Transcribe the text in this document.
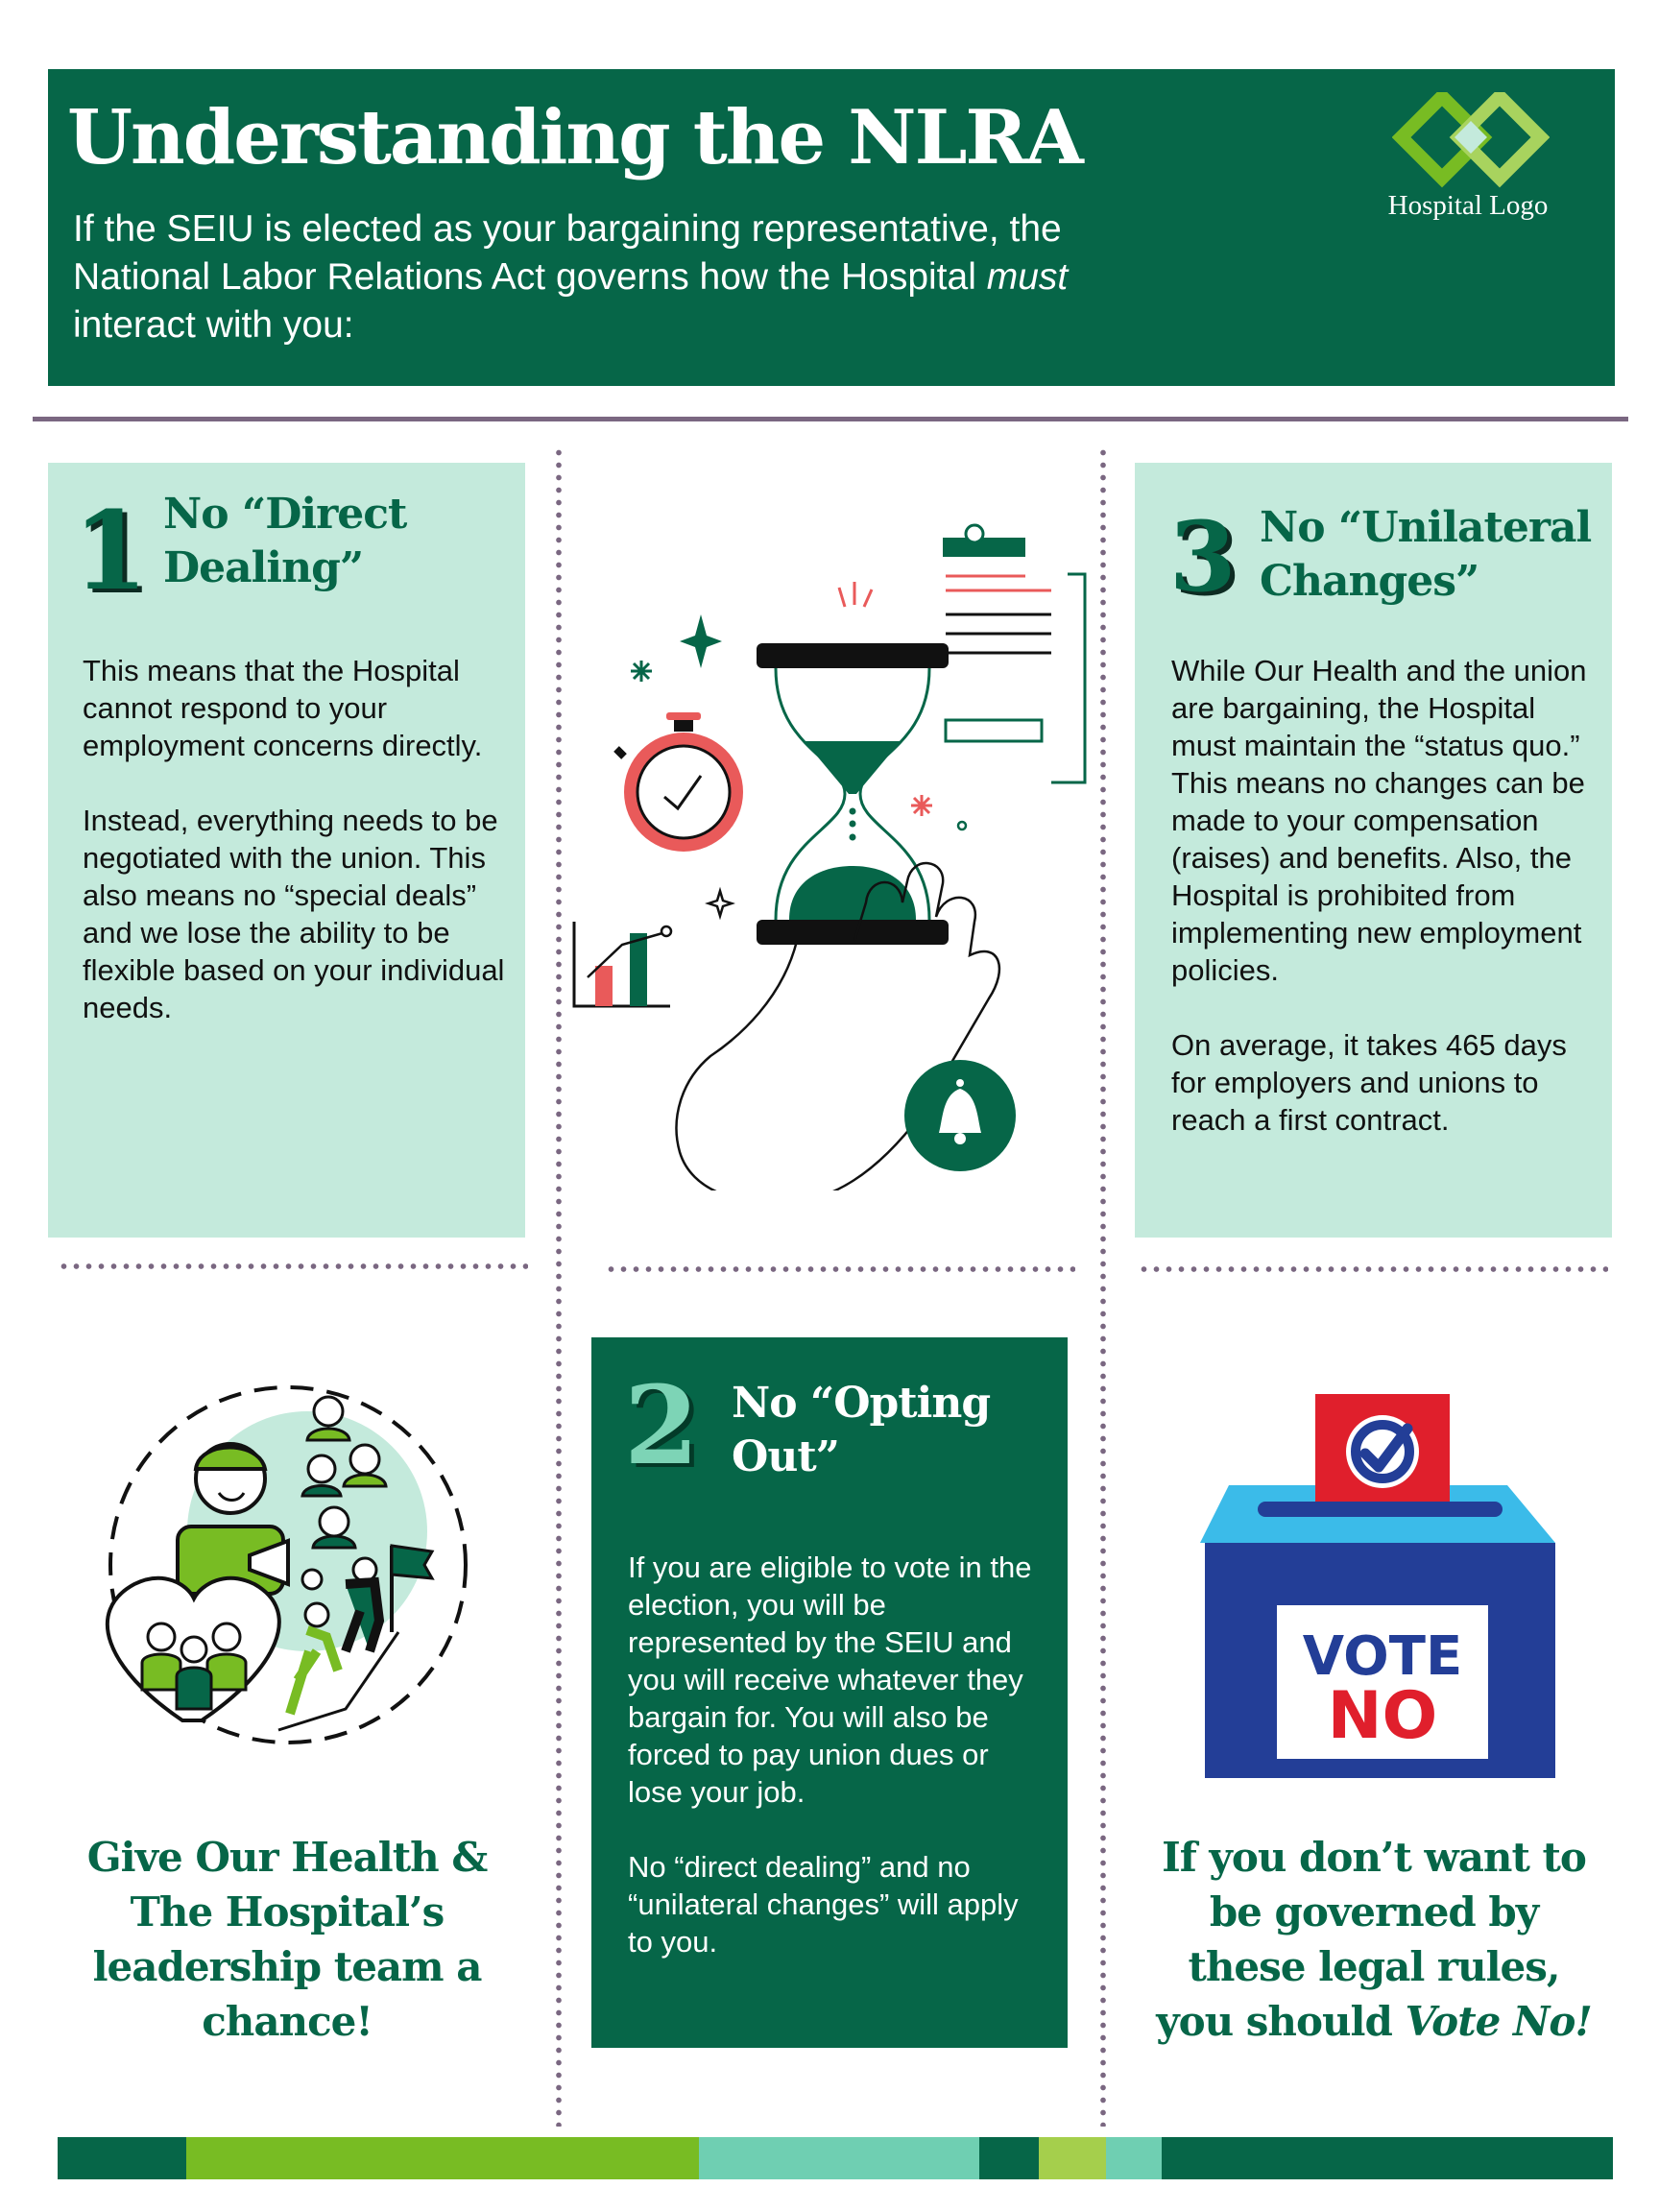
Understanding the NLRA
If the SEIU is elected as your bargaining representative, the National Labor Relations Act governs how the Hospital must interact with you:
Hospital Logo
1 No “Direct
Dealing”
This means that the Hospital cannot respond to your employment concerns directly.
Instead, everything needs to be negotiated with the union. This also means no “special deals” and we lose the ability to be flexible based on your individual needs.
3 No “Unilateral
Changes”
While Our Health and the union are bargaining, the Hospital must maintain the “status quo.” This means no changes can be made to your compensation (raises) and benefits. Also, the Hospital is prohibited from implementing new employment policies.
On average, it takes 465 days for employers and unions to reach a first contract.
Give Our Health &
The Hospital’s
leadership team a
chance!
2 No “Opting
Out”
If you are eligible to vote in the election, you will be represented by the SEIU and you will receive whatever they bargain for. You will also be forced to pay union dues or lose your job.
No “direct dealing” and no “unilateral changes” will apply to you.
VOTE
NO
If you don’t want to
be governed by
these legal rules,
you should Vote No!
